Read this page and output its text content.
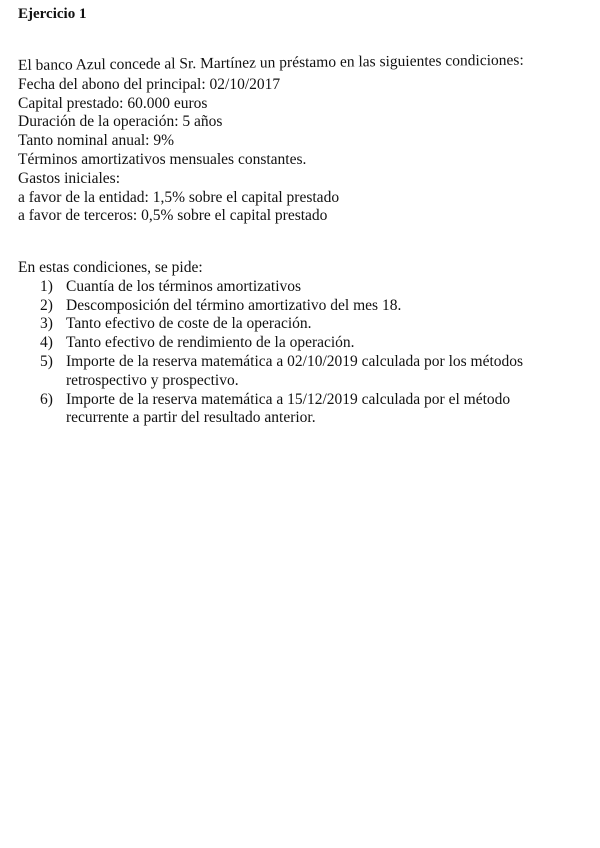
Ejercicio 1
El banco Azul concede al Sr. Martínez un préstamo en las siguientes condiciones:
Fecha del abono del principal: 02/10/2017
Capital prestado: 60.000 euros
Duración de la operación: 5 años
Tanto nominal anual: 9%
Términos amortizativos mensuales constantes.
Gastos iniciales:
a favor de la entidad: 1,5% sobre el capital prestado
a favor de terceros: 0,5% sobre el capital prestado
En estas condiciones, se pide:
1) Cuantía de los términos amortizativos
2) Descomposición del término amortizativo del mes 18.
3) Tanto efectivo de coste de la operación.
4) Tanto efectivo de rendimiento de la operación.
5) Importe de la reserva matemática a 02/10/2019 calculada por los métodos
retrospectivo y prospectivo.
6) Importe de la reserva matemática a 15/12/2019 calculada por el método
recurrente a partir del resultado anterior.
